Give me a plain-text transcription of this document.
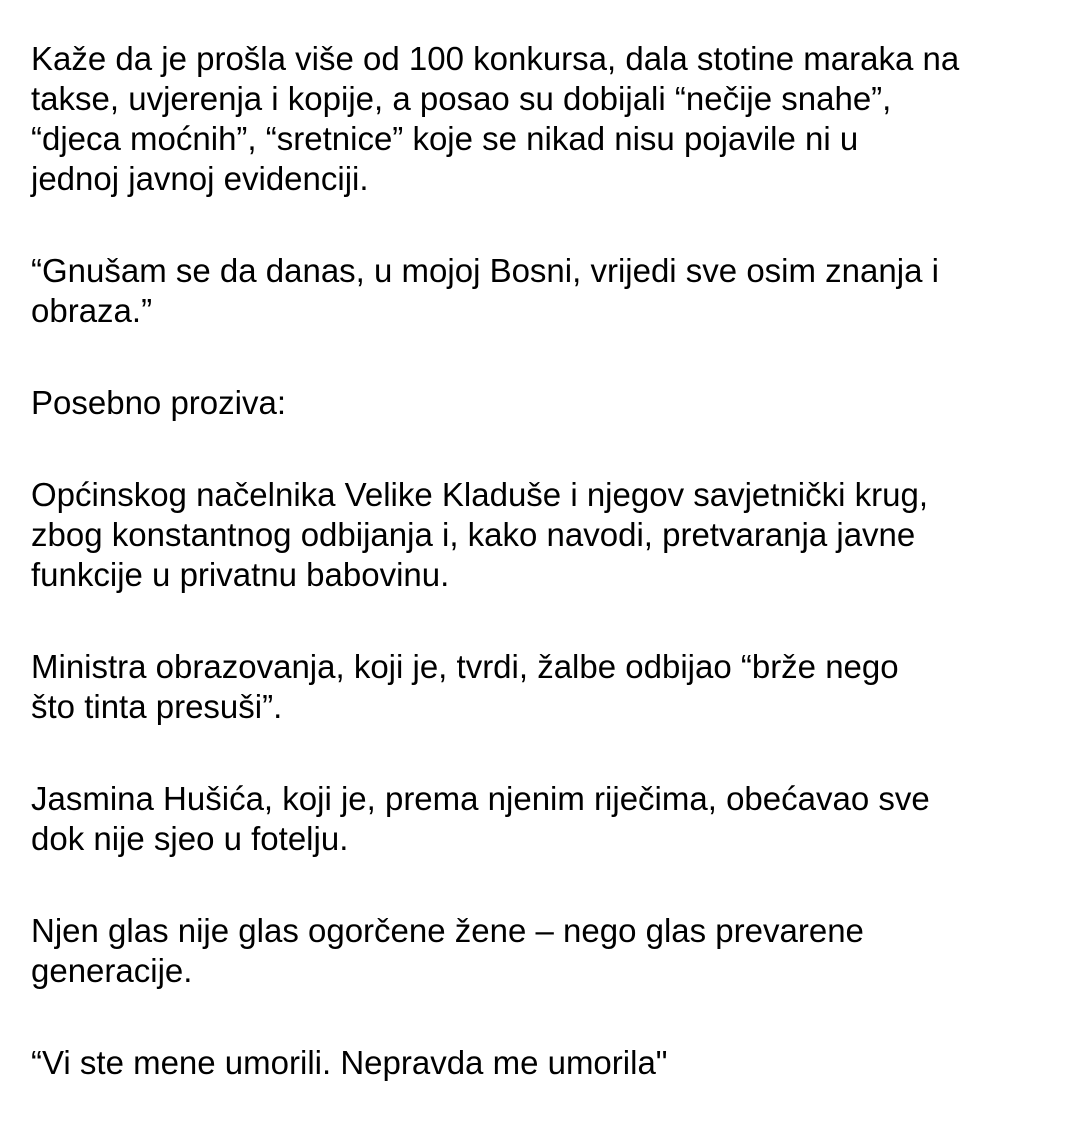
Kaže da je prošla više od 100 konkursa, dala stotine maraka na
takse, uvjerenja i kopije, a posao su dobijali “nečije snahe”,
“djeca moćnih”, “sretnice” koje se nikad nisu pojavile ni u
jednoj javnoj evidenciji.

“Gnušam se da danas, u mojoj Bosni, vrijedi sve osim znanja i
obraza.”

Posebno proziva:

Općinskog načelnika Velike Kladuše i njegov savjetnički krug,
zbog konstantnog odbijanja i, kako navodi, pretvaranja javne
funkcije u privatnu babovinu.

Ministra obrazovanja, koji je, tvrdi, žalbe odbijao “brže nego
što tinta presuši”.

Jasmina Hušića, koji je, prema njenim riječima, obećavao sve
dok nije sjeo u fotelju.

Njen glas nije glas ogorčene žene – nego glas prevarene
generacije.

“Vi ste mene umorili. Nepravda me umorila"
